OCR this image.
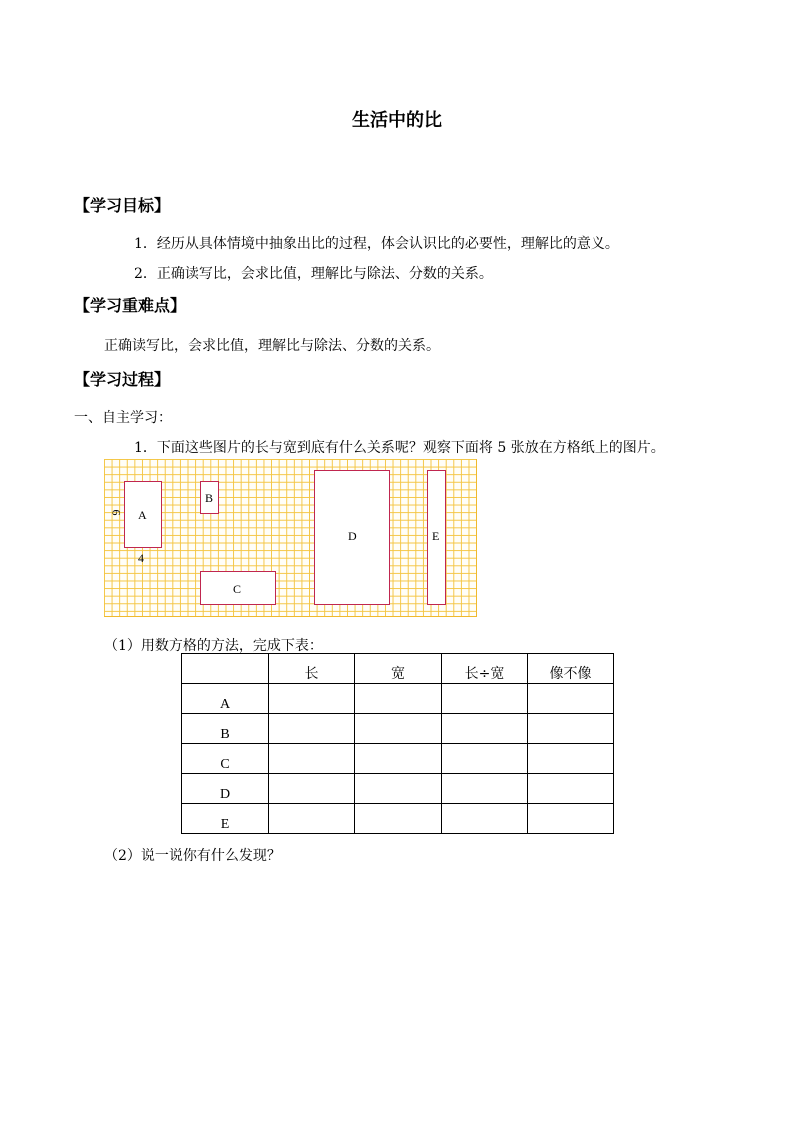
生活中的比
【学习目标】
1．经历从具体情境中抽象出比的过程，体会认识比的必要性，理解比的意义。
2．正确读写比，会求比值，理解比与除法、分数的关系。
【学习重难点】
正确读写比，会求比值，理解比与除法、分数的关系。
【学习过程】
一、自主学习：
1．下面这些图片的长与宽到底有什么关系呢？观察下面将 5 张放在方格纸上的图片。
A
6
4
B
C
D	E
（1）用数方格的方法，完成下表：
	长	宽	长÷宽	像不像
A				
B				
C				
D				
E				
（2）说一说你有什么发现？
